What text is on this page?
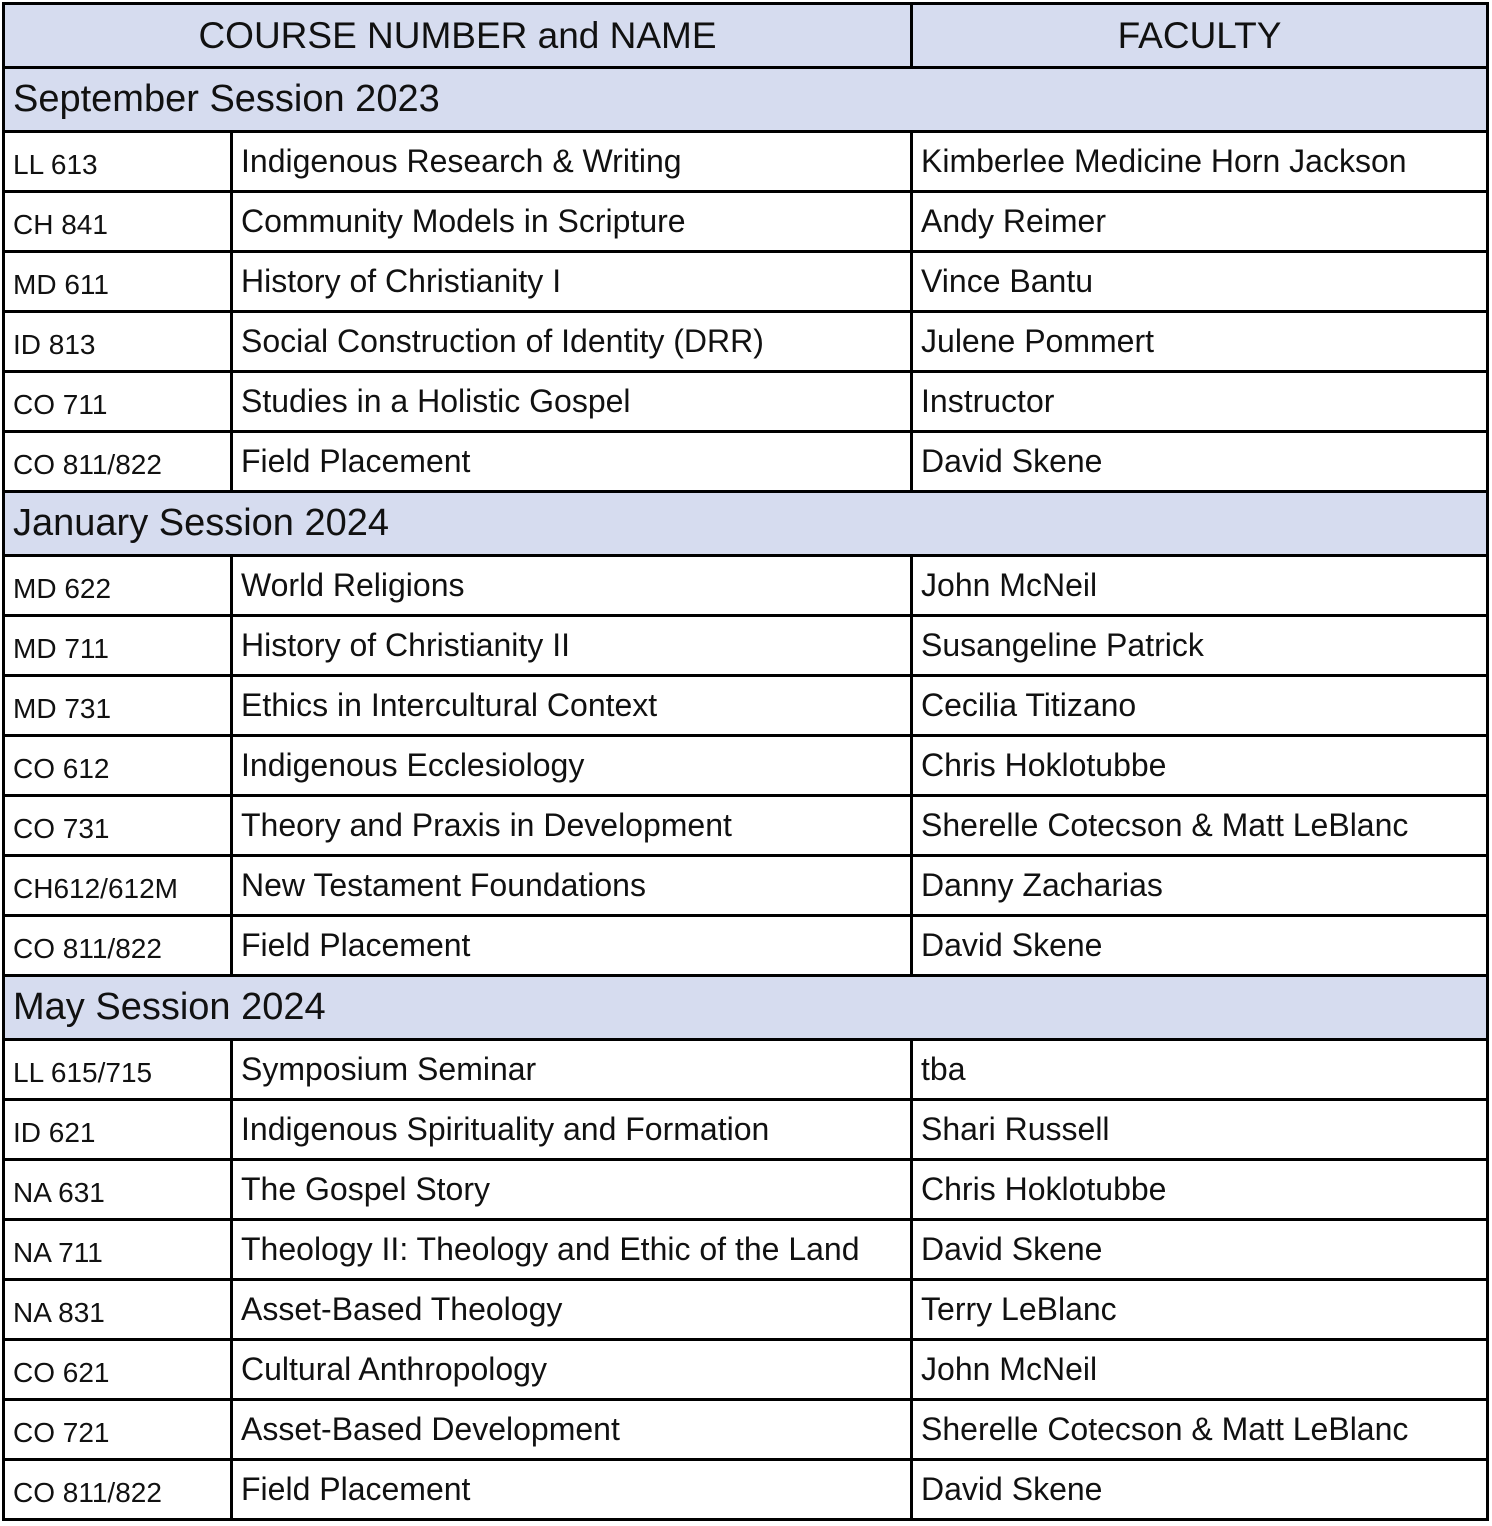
COURSE NUMBER and NAME		FACULTY
September Session 2023		
LL 613	Indigenous Research & Writing	Kimberlee Medicine Horn Jackson
CH 841	Community Models in Scripture	Andy Reimer
MD 611	History of Christianity I	Vince Bantu
ID 813	Social Construction of Identity (DRR)	Julene Pommert
CO 711	Studies in a Holistic Gospel	Instructor
CO 811/822	Field Placement	David Skene
January Session 2024		
MD 622	World Religions	John McNeil
MD 711	History of Christianity II	Susangeline Patrick
MD 731	Ethics in Intercultural Context	Cecilia Titizano
CO 612	Indigenous Ecclesiology	Chris Hoklotubbe
CO 731	Theory and Praxis in Development	Sherelle Cotecson & Matt LeBlanc
CH612/612M	New Testament Foundations	Danny Zacharias
CO 811/822	Field Placement	David Skene
May Session 2024		
LL 615/715	Symposium Seminar	tba
ID 621	Indigenous Spirituality and Formation	Shari Russell
NA 631	The Gospel Story	Chris Hoklotubbe
NA 711	Theology II: Theology and Ethic of the Land	David Skene
NA 831	Asset-Based Theology	Terry LeBlanc
CO 621	Cultural Anthropology	John McNeil
CO 721	Asset-Based Development	Sherelle Cotecson & Matt LeBlanc
CO 811/822	Field Placement	David Skene
